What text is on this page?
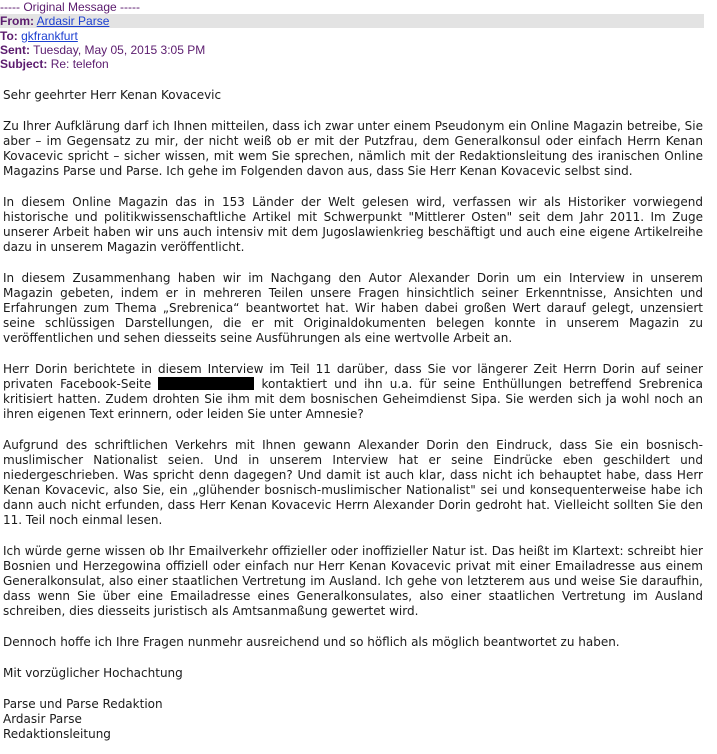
----- Original Message -----
From: Ardasir Parse
To: gkfrankfurt
Sent: Tuesday, May 05, 2015 3:05 PM
Subject: Re: telefon

Sehr geehrter Herr Kenan Kovacevic

Zu Ihrer Aufklärung darf ich Ihnen mitteilen, dass ich zwar unter einem Pseudonym ein Online Magazin betreibe, Sie aber – im Gegensatz zu mir, der nicht weiß ob er mit der Putzfrau, dem Generalkonsul oder einfach Herrn Kenan Kovacevic spricht – sicher wissen, mit wem Sie sprechen, nämlich mit der Redaktionsleitung des iranischen Online Magazins Parse und Parse. Ich gehe im Folgenden davon aus, dass Sie Herr Kenan Kovacevic selbst sind.

In diesem Online Magazin das in 153 Länder der Welt gelesen wird, verfassen wir als Historiker vorwiegend historische und politikwissenschaftliche Artikel mit Schwerpunkt "Mittlerer Osten" seit dem Jahr 2011. Im Zuge unserer Arbeit haben wir uns auch intensiv mit dem Jugoslawienkrieg beschäftigt und auch eine eigene Artikelreihe dazu in unserem Magazin veröffentlicht.

In diesem Zusammenhang haben wir im Nachgang den Autor Alexander Dorin um ein Interview in unserem Magazin gebeten, indem er in mehreren Teilen unsere Fragen hinsichtlich seiner Erkenntnisse, Ansichten und Erfahrungen zum Thema „Srebrenica“ beantwortet hat. Wir haben dabei großen Wert darauf gelegt, unzensiert seine schlüssigen Darstellungen, die er mit Originaldokumenten belegen konnte in unserem Magazin zu veröffentlichen und sehen diesseits seine Ausführungen als eine wertvolle Arbeit an.

Herr Dorin berichtete in diesem Interview im Teil 11 darüber, dass Sie vor längerer Zeit Herrn Dorin auf seiner privaten Facebook-Seite	kontaktiert und ihn u.a. für seine Enthüllungen betreffend Srebrenica kritisiert hatten. Zudem drohten Sie ihm mit dem bosnischen Geheimdienst Sipa. Sie werden sich ja wohl noch an ihren eigenen Text erinnern, oder leiden Sie unter Amnesie?

Aufgrund des schriftlichen Verkehrs mit Ihnen gewann Alexander Dorin den Eindruck, dass Sie ein bosnisch-muslimischer Nationalist seien. Und in unserem Interview hat er seine Eindrücke eben geschildert und niedergeschrieben. Was spricht denn dagegen? Und damit ist auch klar, dass nicht ich behauptet habe, dass Herr Kenan Kovacevic, also Sie, ein „glühender bosnisch-muslimischer Nationalist" sei und konsequenterweise habe ich dann auch nicht erfunden, dass Herr Kenan Kovacevic Herrn Alexander Dorin gedroht hat. Vielleicht sollten Sie den 11. Teil noch einmal lesen.

Ich würde gerne wissen ob Ihr Emailverkehr offizieller oder inoffizieller Natur ist. Das heißt im Klartext: schreibt hier Bosnien und Herzegowina offiziell oder einfach nur Herr Kenan Kovacevic privat mit einer Emailadresse aus einem Generalkonsulat, also einer staatlichen Vertretung im Ausland. Ich gehe von letzterem aus und weise Sie daraufhin, dass wenn Sie über eine Emailadresse eines Generalkonsulates, also einer staatlichen Vertretung im Ausland schreiben, dies diesseits juristisch als Amtsanmaßung gewertet wird.

Dennoch hoffe ich Ihre Fragen nunmehr ausreichend und so höflich als möglich beantwortet zu haben.

Mit vorzüglicher Hochachtung

Parse und Parse Redaktion

Ardasir Parse

Redaktionsleitung
